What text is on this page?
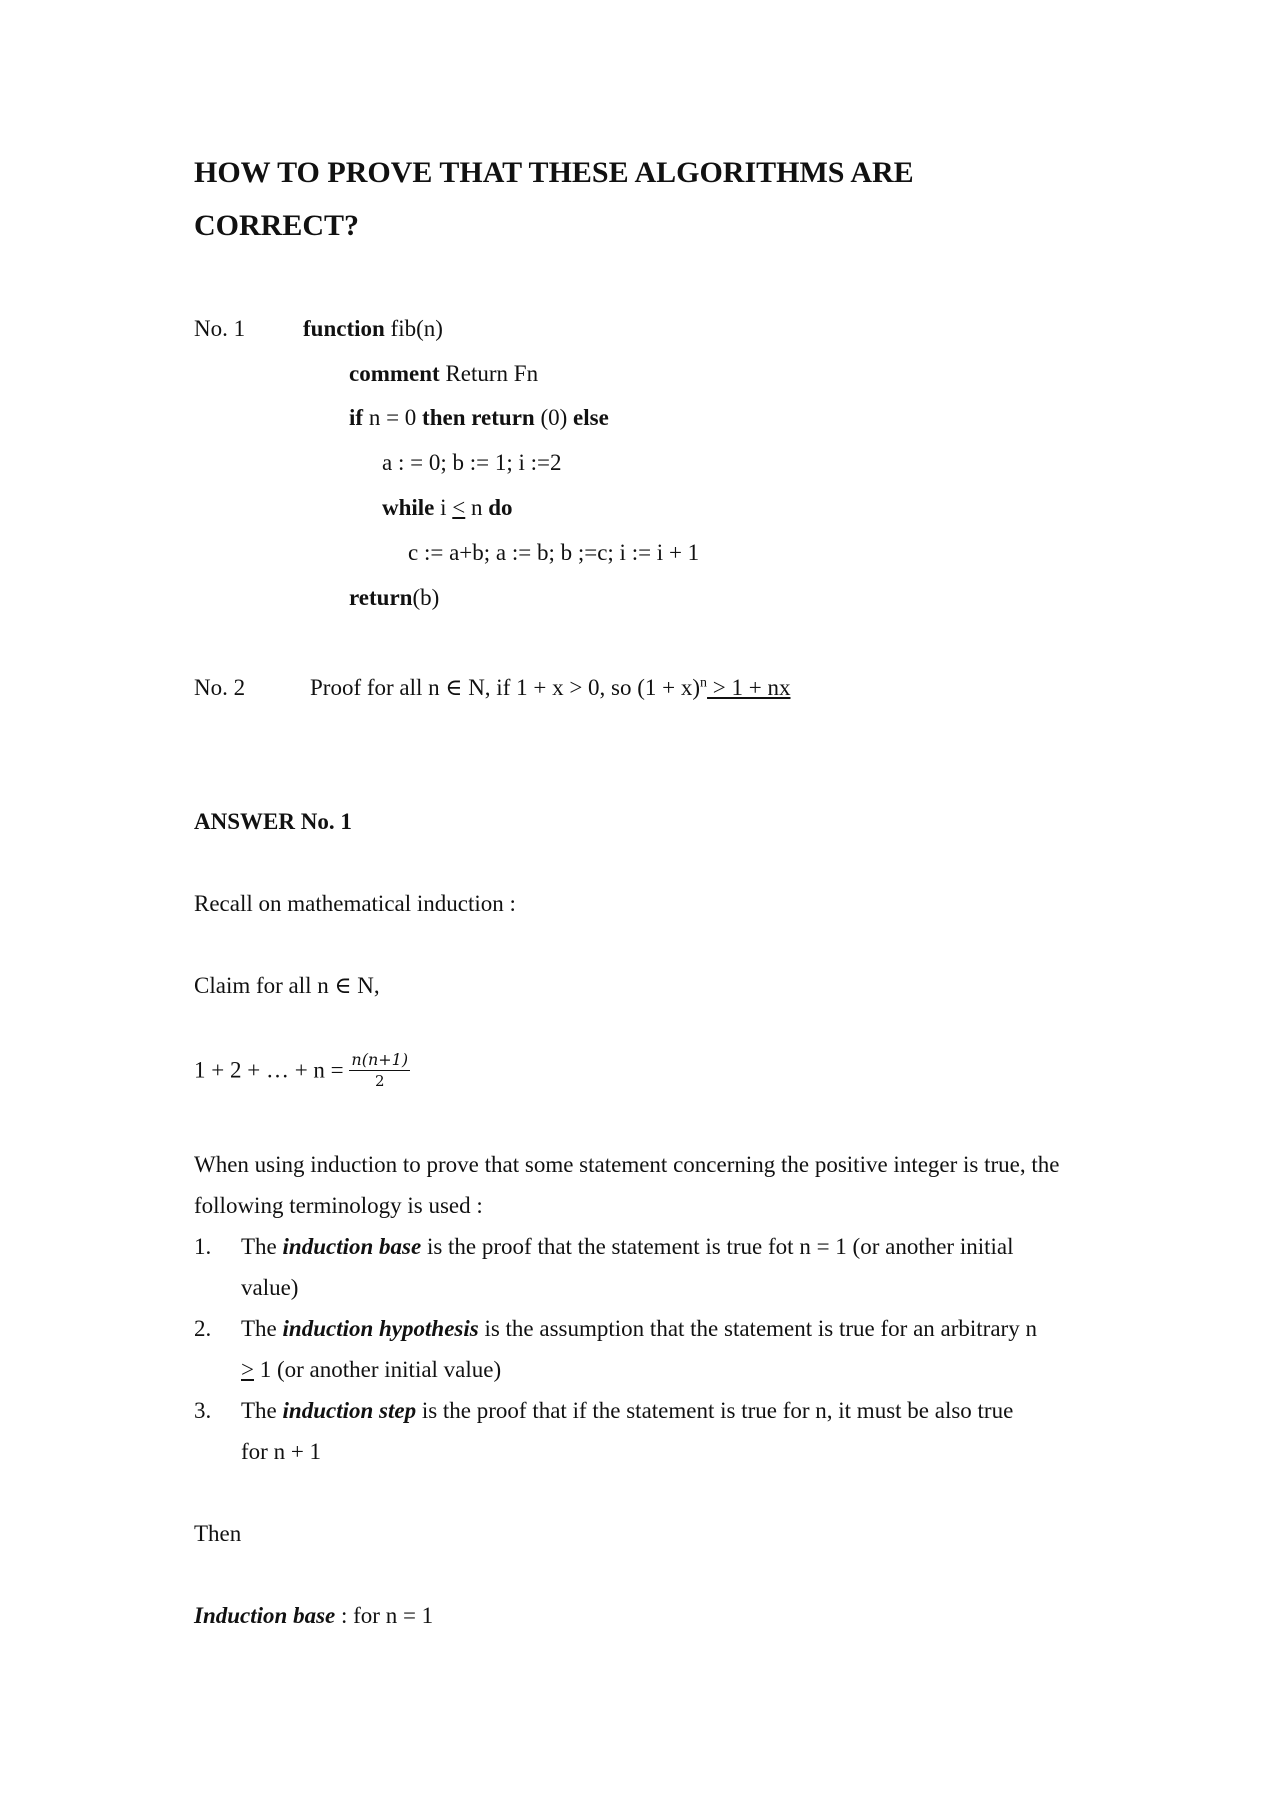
HOW TO PROVE THAT THESE ALGORITHMS ARE
CORRECT?
No. 1	function fib(n)
comment Return Fn
if n = 0 then return (0) else
a : = 0; b := 1; i :=2
while i ≤ n do
c := a+b; a := b; b ;=c; i := i + 1
return(b)
No. 2	Proof for all n ∈ N, if 1 + x > 0, so $(1 + x)^n > 1$ + nx
ANSWER No. 1
Recall on mathematical induction :
Claim for all n ∈ N,
1 + 2 + … + $n = \frac{n(n+1)}{2}$
When using induction to prove that some statement concerning the positive integer is true, the
following terminology is used :
1. The induction base is the proof that the statement is true fot n = 1 (or another initial
value)
2. The induction hypothesis is the assumption that the statement is true for an arbitrary n
> 1 (or another initial value)
3. The induction step is the proof that if the statement is true for n, it must be also true
for n + 1
Then
Induction base : for n = 1
